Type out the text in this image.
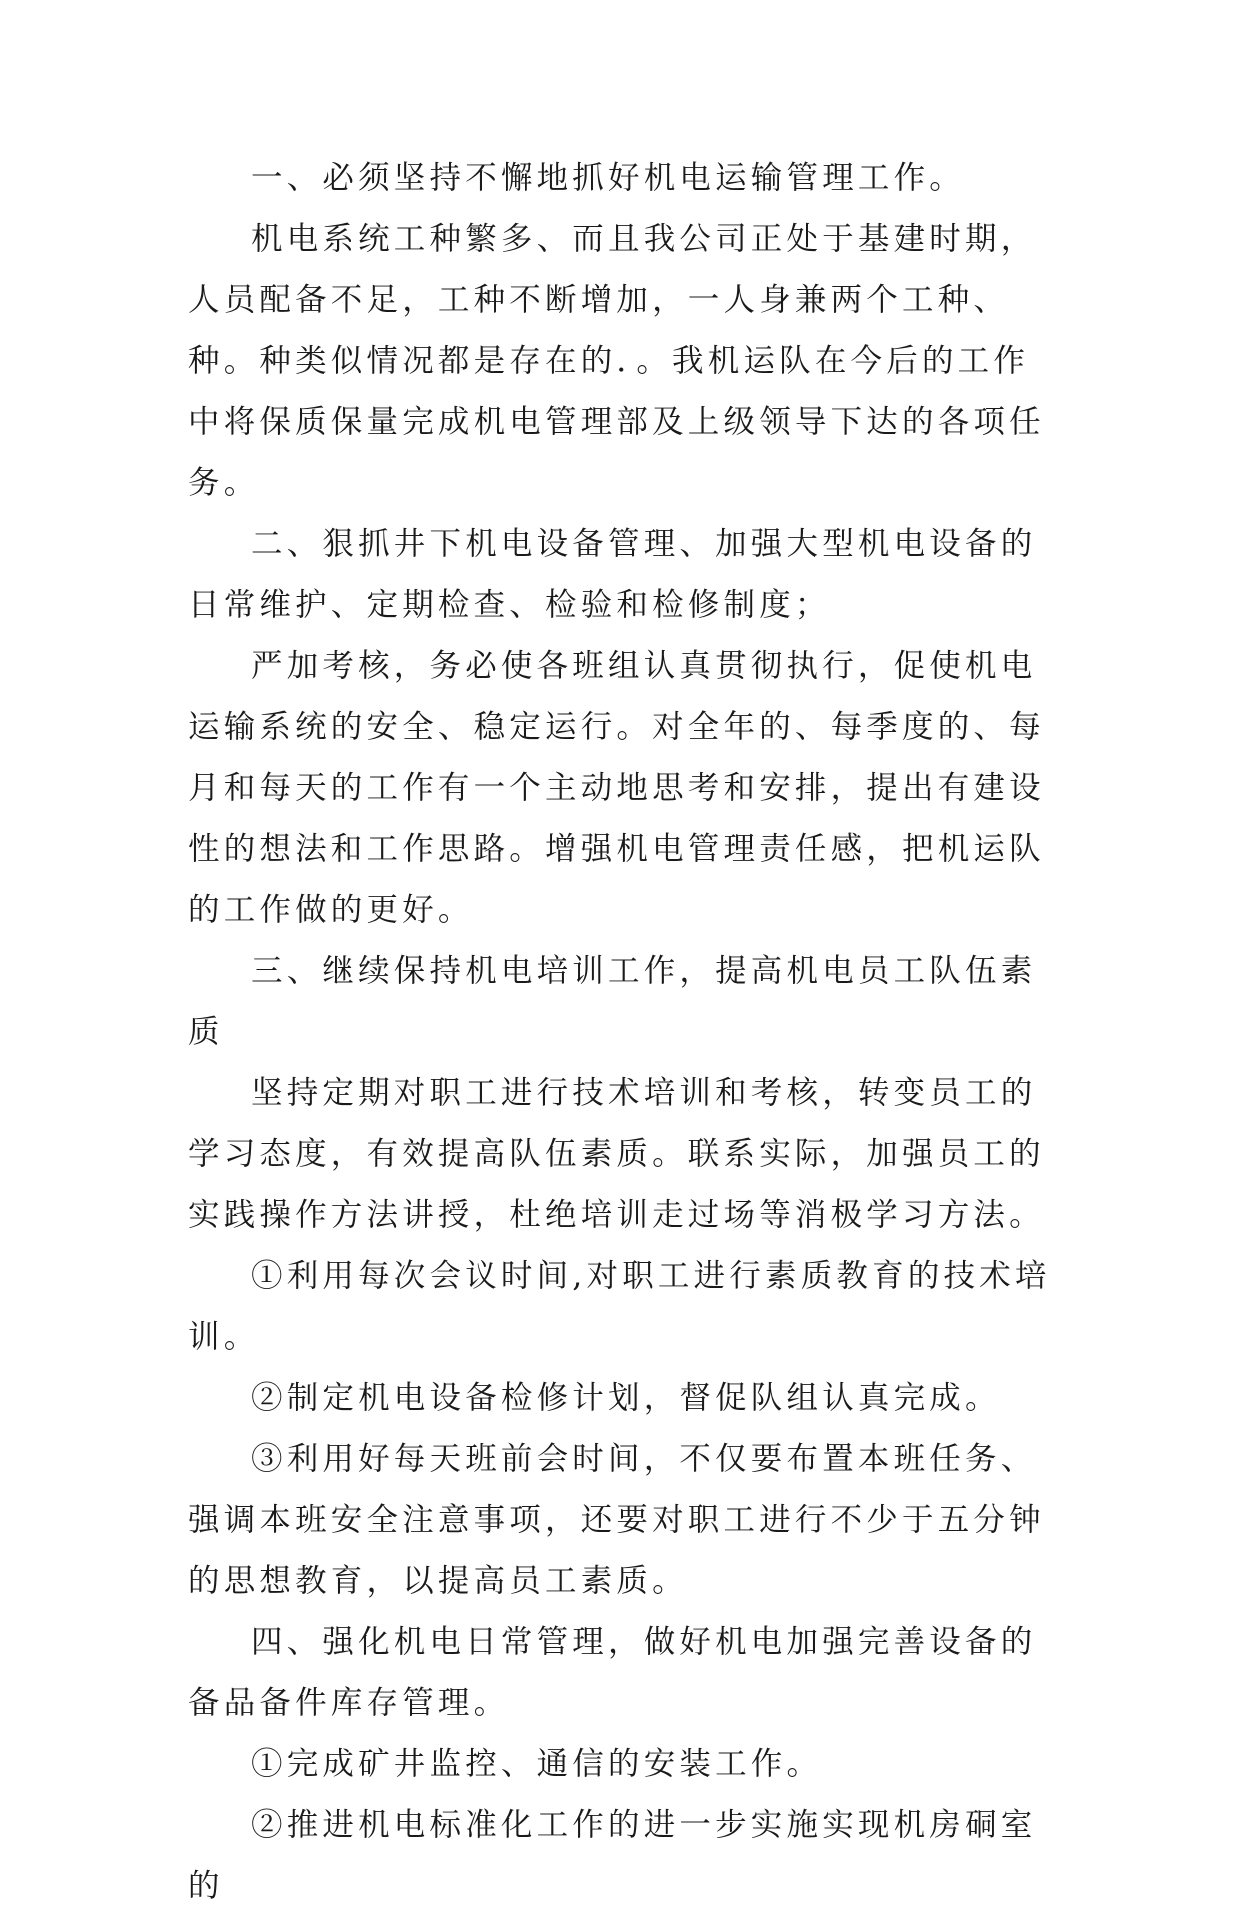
一、必须坚持不懈地抓好机电运输管理工作。

机电系统工种繁多、而且我公司正处于基建时期，人员配备不足，工种不断增加，一人身兼两个工种、种。种类似情况都是存在的．。我机运队在今后的工作中将保质保量完成机电管理部及上级领导下达的各项任务。

二、狠抓井下机电设备管理、加强大型机电设备的日常维护、定期检查、检验和检修制度；

严加考核，务必使各班组认真贯彻执行，促使机电运输系统的安全、稳定运行。对全年的、每季度的、每月和每天的工作有一个主动地思考和安排，提出有建设性的想法和工作思路。增强机电管理责任感，把机运队的工作做的更好。

三、继续保持机电培训工作，提高机电员工队伍素质

坚持定期对职工进行技术培训和考核，转变员工的学习态度，有效提高队伍素质。联系实际，加强员工的实践操作方法讲授，杜绝培训走过场等消极学习方法。

①利用每次会议时间,对职工进行素质教育的技术培训。

②制定机电设备检修计划，督促队组认真完成。

③利用好每天班前会时间，不仅要布置本班任务、强调本班安全注意事项，还要对职工进行不少于五分钟的思想教育，以提高员工素质。

四、强化机电日常管理，做好机电加强完善设备的备品备件库存管理。

①完成矿井监控、通信的安装工作。

②推进机电标准化工作的进一步实施实现机房硐室的
